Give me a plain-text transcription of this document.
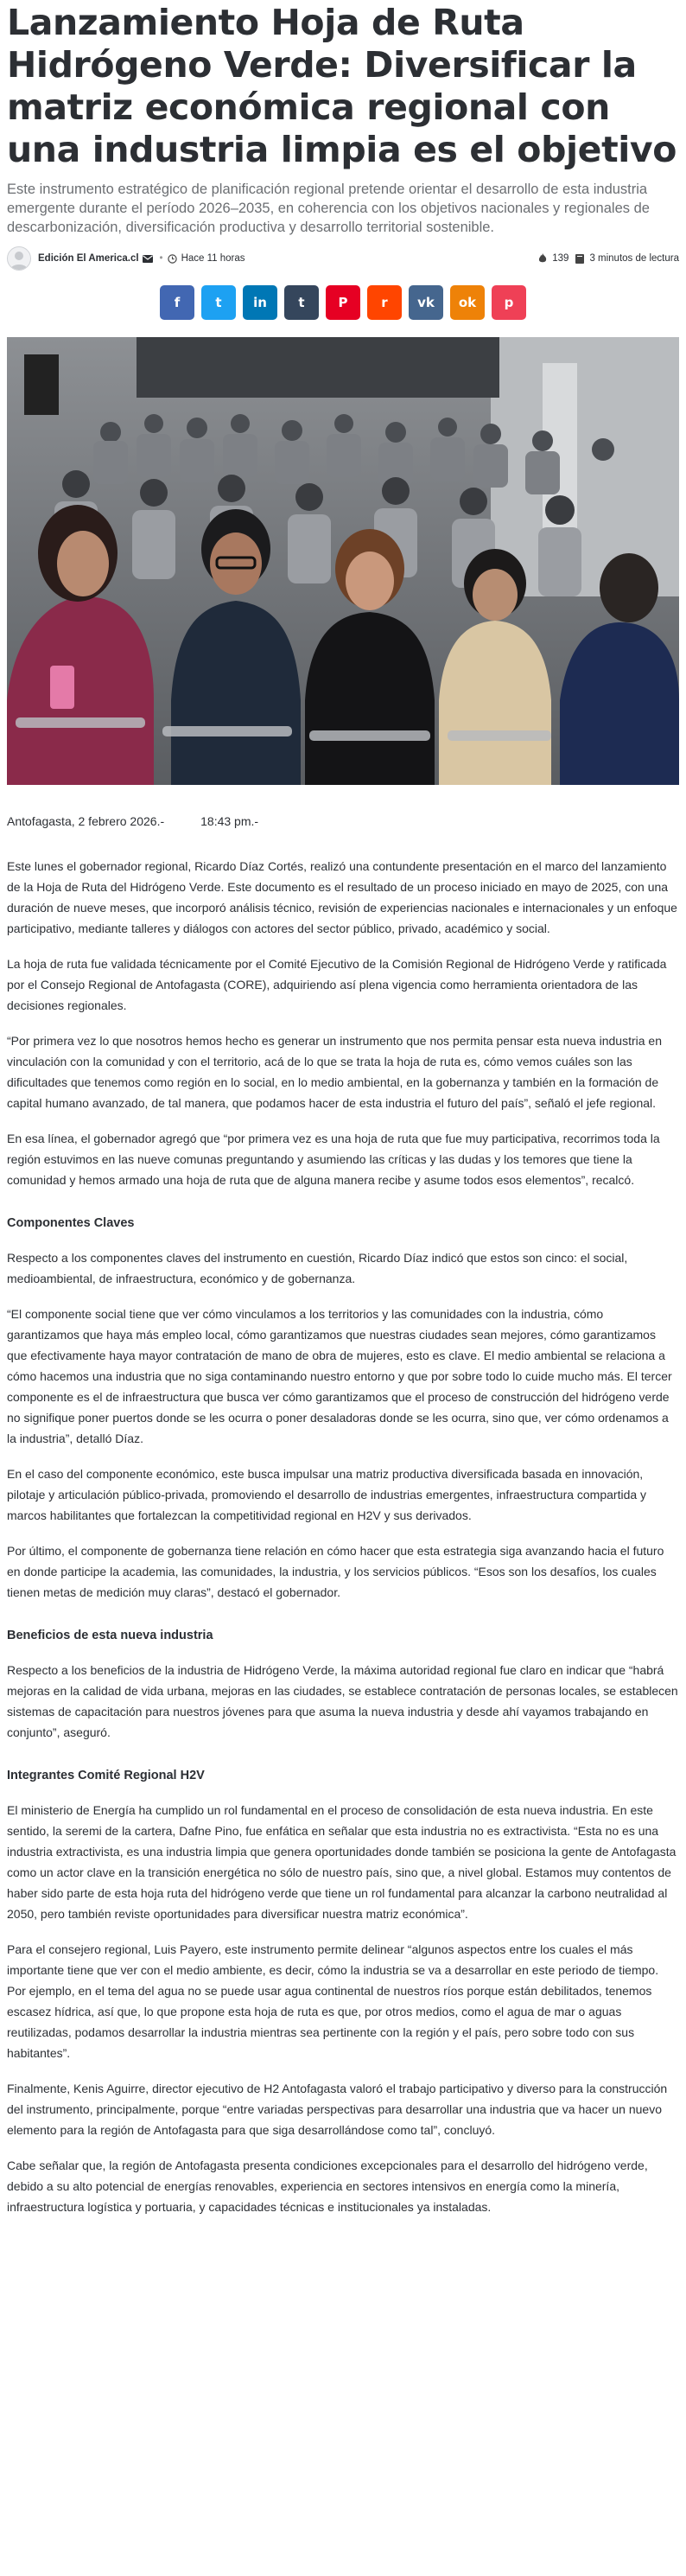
Lanzamiento Hoja de Ruta Hidrógeno Verde: Diversificar la matriz económica regional con una industria limpia es el objetivo

Este instrumento estratégico de planificación regional pretende orientar el desarrollo de esta industria emergente durante el período 2026–2035, en coherencia con los objetivos nacionales y regionales de descarbonización, diversificación productiva y desarrollo territorial sostenible.

Edición El America.cl • Hace 11 horas	139 3 minutos de lectura
f	t in t	P	r vk ok p

Antofagasta, 2 febrero 2026.-	18:43 pm.-

Este lunes el gobernador regional, Ricardo Díaz Cortés, realizó una contundente presentación en el marco del lanzamiento de la Hoja de Ruta del Hidrógeno Verde. Este documento es el resultado de un proceso iniciado en mayo de 2025, con una duración de nueve meses, que incorporó análisis técnico, revisión de experiencias nacionales e internacionales y un enfoque participativo, mediante talleres y diálogos con actores del sector público, privado, académico y social.

La hoja de ruta fue validada técnicamente por el Comité Ejecutivo de la Comisión Regional de Hidrógeno Verde y ratificada por el Consejo Regional de Antofagasta (CORE), adquiriendo así plena vigencia como herramienta orientadora de las decisiones regionales.

“Por primera vez lo que nosotros hemos hecho es generar un instrumento que nos permita pensar esta nueva industria en vinculación con la comunidad y con el territorio, acá de lo que se trata la hoja de ruta es, cómo vemos cuáles son las dificultades que tenemos como región en lo social, en lo medio ambiental, en la gobernanza y también en la formación de capital humano avanzado, de tal manera, que podamos hacer de esta industria el futuro del país”, señaló el jefe regional.

En esa línea, el gobernador agregó que “por primera vez es una hoja de ruta que fue muy participativa, recorrimos toda la región estuvimos en las nueve comunas preguntando y asumiendo las críticas y las dudas y los temores que tiene la comunidad y hemos armado una hoja de ruta que de alguna manera recibe y asume todos esos elementos”, recalcó.

Componentes Claves

Respecto a los componentes claves del instrumento en cuestión, Ricardo Díaz indicó que estos son cinco: el social, medioambiental, de infraestructura, económico y de gobernanza.

“El componente social tiene que ver cómo vinculamos a los territorios y las comunidades con la industria, cómo garantizamos que haya más empleo local, cómo garantizamos que nuestras ciudades sean mejores, cómo garantizamos que efectivamente haya mayor contratación de mano de obra de mujeres, esto es clave. El medio ambiental se relaciona a cómo hacemos una industria que no siga contaminando nuestro entorno y que por sobre todo lo cuide mucho más. El tercer componente es el de infraestructura que busca ver cómo garantizamos que el proceso de construcción del hidrógeno verde no signifique poner puertos donde se les ocurra o poner desaladoras donde se les ocurra, sino que, ver cómo ordenamos a la industria”, detalló Díaz.

En el caso del componente económico, este busca impulsar una matriz productiva diversificada basada en innovación, pilotaje y articulación público-privada, promoviendo el desarrollo de industrias emergentes, infraestructura compartida y marcos habilitantes que fortalezcan la competitividad regional en H2V y sus derivados.

Por último, el componente de gobernanza tiene relación en cómo hacer que esta estrategia siga avanzando hacia el futuro en donde participe la academia, las comunidades, la industria, y los servicios públicos. “Esos son los desafíos, los cuales tienen metas de medición muy claras”, destacó el gobernador.

Beneficios de esta nueva industria

Respecto a los beneficios de la industria de Hidrógeno Verde, la máxima autoridad regional fue claro en indicar que “habrá mejoras en la calidad de vida urbana, mejoras en las ciudades, se establece contratación de personas locales, se establecen sistemas de capacitación para nuestros jóvenes para que asuma la nueva industria y desde ahí vayamos trabajando en conjunto”, aseguró.

Integrantes Comité Regional H2V

El ministerio de Energía ha cumplido un rol fundamental en el proceso de consolidación de esta nueva industria. En este sentido, la seremi de la cartera, Dafne Pino, fue enfática en señalar que esta industria no es extractivista. “Esta no es una industria extractivista, es una industria limpia que genera oportunidades donde también se posiciona la gente de Antofagasta como un actor clave en la transición energética no sólo de nuestro país, sino que, a nivel global. Estamos muy contentos de haber sido parte de esta hoja ruta del hidrógeno verde que tiene un rol fundamental para alcanzar la carbono neutralidad al 2050, pero también reviste oportunidades para diversificar nuestra matriz económica”.

Para el consejero regional, Luis Payero, este instrumento permite delinear “algunos aspectos entre los cuales el más importante tiene que ver con el medio ambiente, es decir, cómo la industria se va a desarrollar en este periodo de tiempo. Por ejemplo, en el tema del agua no se puede usar agua continental de nuestros ríos porque están debilitados, tenemos escasez hídrica, así que, lo que propone esta hoja de ruta es que, por otros medios, como el agua de mar o aguas reutilizadas, podamos desarrollar la industria mientras sea pertinente con la región y el país, pero sobre todo con sus habitantes”.

Finalmente, Kenis Aguirre, director ejecutivo de H2 Antofagasta valoró el trabajo participativo y diverso para la construcción del instrumento, principalmente, porque “entre variadas perspectivas para desarrollar una industria que va hacer un nuevo elemento para la región de Antofagasta para que siga desarrollándose como tal”, concluyó.

Cabe señalar que, la región de Antofagasta presenta condiciones excepcionales para el desarrollo del hidrógeno verde, debido a su alto potencial de energías renovables, experiencia en sectores intensivos en energía como la minería, infraestructura logística y portuaria, y capacidades técnicas e institucionales ya instaladas.
